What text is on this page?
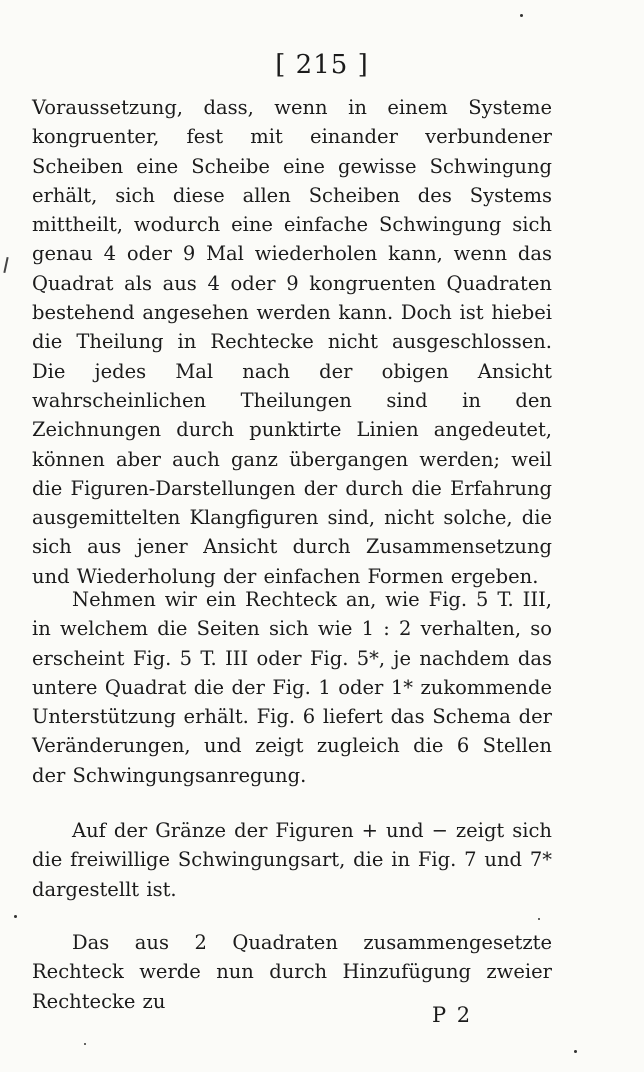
[ 215 ]

Voraussetzung, dass, wenn in einem Systeme kongruenter, fest mit einander verbundener Scheiben eine Scheibe eine gewisse Schwingung erhält, sich diese allen Scheiben des Systems mittheilt, wodurch eine einfache Schwingung sich genau 4 oder 9 Mal wiederholen kann, wenn das Quadrat als aus 4 oder 9 kongruenten Quadraten bestehend angesehen werden kann. Doch ist hiebei die Theilung in Rechtecke nicht ausgeschlossen. Die jedes Mal nach der obigen Ansicht wahrscheinlichen Theilungen sind in den Zeichnungen durch punktirte Linien angedeutet, können aber auch ganz übergangen werden; weil die Figuren-Darstellungen der durch die Erfahrung ausgemittelten Klangfiguren sind, nicht solche, die sich aus jener Ansicht durch Zusammensetzung und Wiederholung der einfachen Formen ergeben.

Nehmen wir ein Rechteck an, wie Fig. 5 T. III, in welchem die Seiten sich wie 1 : 2 verhalten, so erscheint Fig. 5 T. III oder Fig. 5*, je nachdem das untere Quadrat die der Fig. 1 oder 1* zukommende Unterstützung erhält. Fig. 6 liefert das Schema der Veränderungen, und zeigt zugleich die 6 Stellen der Schwingungsanregung.

Auf der Gränze der Figuren + und − zeigt sich die freiwillige Schwingungsart, die in Fig. 7 und 7* dargestellt ist.

Das aus 2 Quadraten zusammengesetzte Rechteck werde nun durch Hinzufügung zweier Rechtecke zu

P 2
